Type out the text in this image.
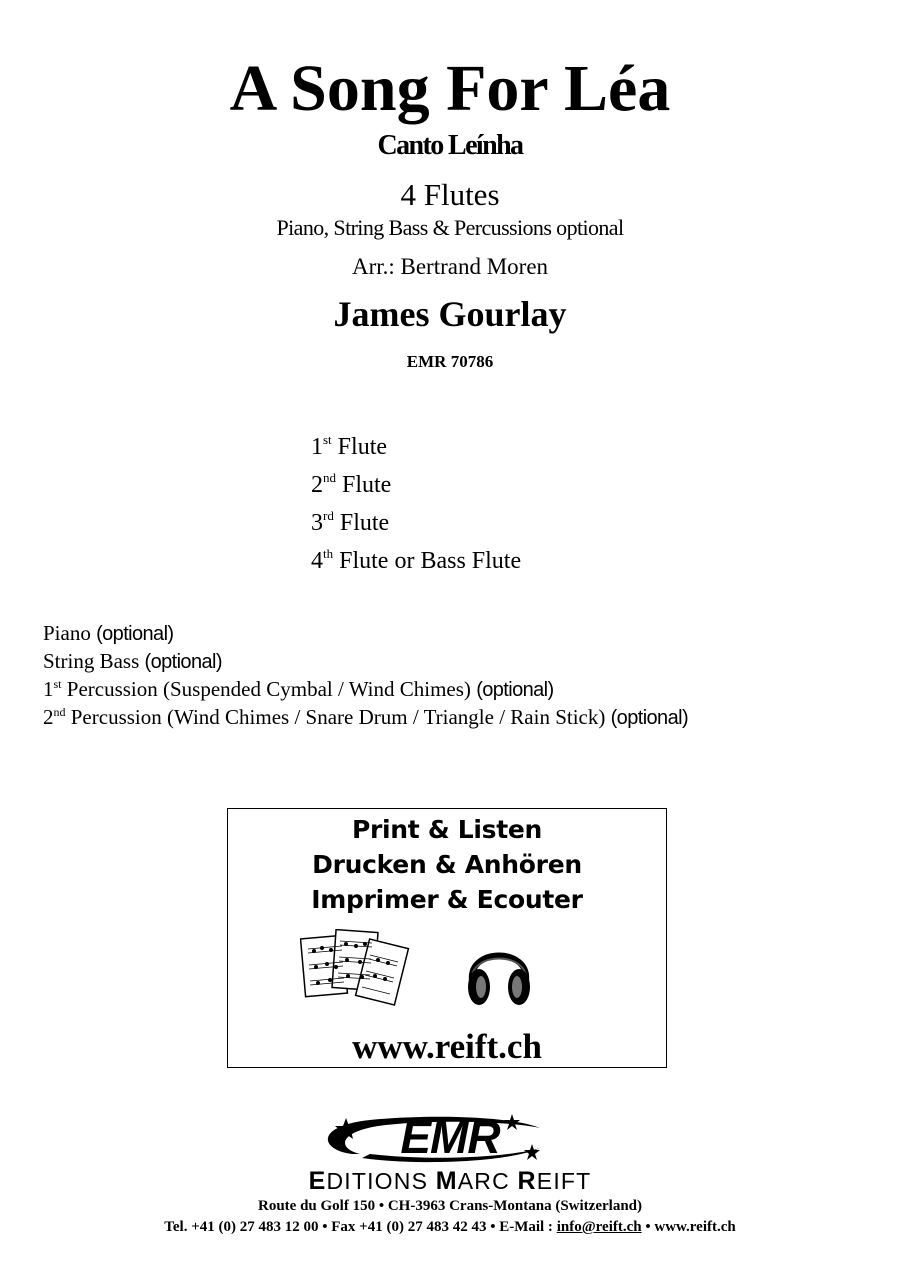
A Song For Léa
Canto Leínha
4 Flutes
Piano, String Bass & Percussions optional
Arr.: Bertrand Moren
James Gourlay
EMR 70786
1st Flute
2nd Flute
3rd Flute
4th Flute or Bass Flute
Piano (optional)
String Bass (optional)
1st Percussion (Suspended Cymbal / Wind Chimes) (optional)
2nd Percussion (Wind Chimes / Snare Drum / Triangle / Rain Stick) (optional)
Print & Listen
Drucken & Anhören
Imprimer & Ecouter
www.reift.ch
EMR
EDITIONS MARC REIFT
Route du Golf 150 • CH-3963 Crans-Montana (Switzerland)
Tel. +41 (0) 27 483 12 00 • Fax +41 (0) 27 483 42 43 • E-Mail : info@reift.ch • www.reift.ch
